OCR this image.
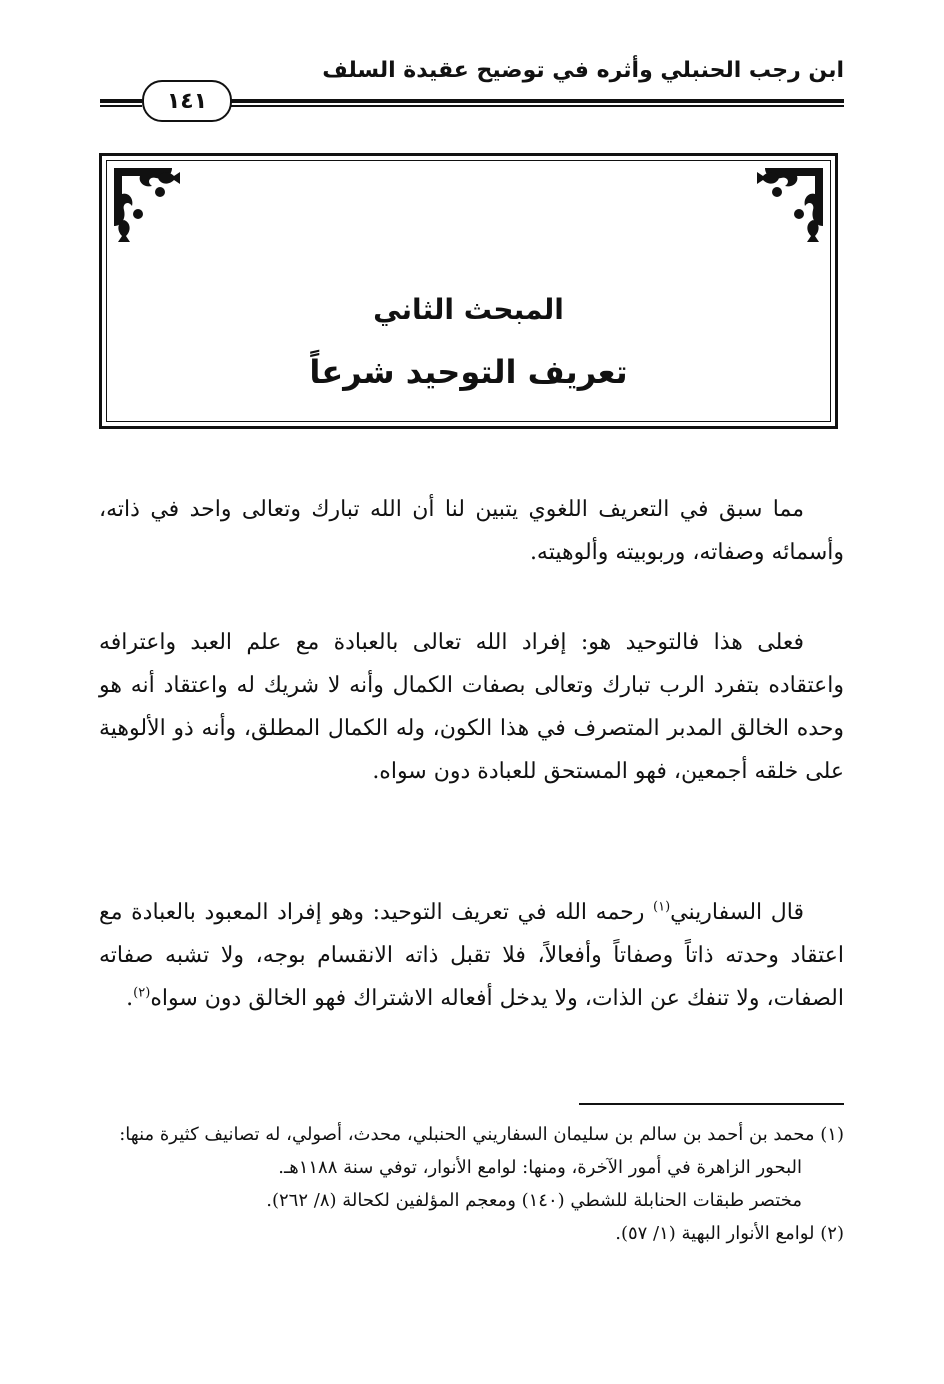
ابن رجب الحنبلي وأثره في توضيح عقيدة السلف
١٤١
المبحث الثاني
تعريف التوحيد شرعاً

مما سبق في التعريف اللغوي يتبين لنا أن الله تبارك وتعالى واحد في ذاته، وأسمائه وصفاته، وربوبيته وألوهيته.

فعلى هذا فالتوحيد هو: إفراد الله تعالى بالعبادة مع علم العبد واعترافه واعتقاده بتفرد الرب تبارك وتعالى بصفات الكمال وأنه لا شريك له واعتقاد أنه هو وحده الخالق المدبر المتصرف في هذا الكون، وله الكمال المطلق، وأنه ذو الألوهية على خلقه أجمعين، فهو المستحق للعبادة دون سواه.

قال السفاريني$^{(١)}$ رحمه الله في تعريف التوحيد: وهو إفراد المعبود بالعبادة مع اعتقاد وحدته ذاتاً وصفاتاً وأفعالاً، فلا تقبل ذاته الانقسام بوجه، ولا تشبه صفاته الصفات، ولا تنفك عن الذات، ولا يدخل أفعاله الاشتراك فهو الخالق دون سواه$^{(٢)}$.

(١) محمد بن أحمد بن سالم بن سليمان السفاريني الحنبلي، محدث، أصولي، له تصانيف كثيرة منها: البحور الزاهرة في أمور الآخرة، ومنها: لوامع الأنوار، توفي سنة ١١٨٨هـ.

مختصر طبقات الحنابلة للشطي (١٤٠) ومعجم المؤلفين لكحالة (٨/ ٢٦٢).

(٢) لوامع الأنوار البهية (١/ ٥٧).
